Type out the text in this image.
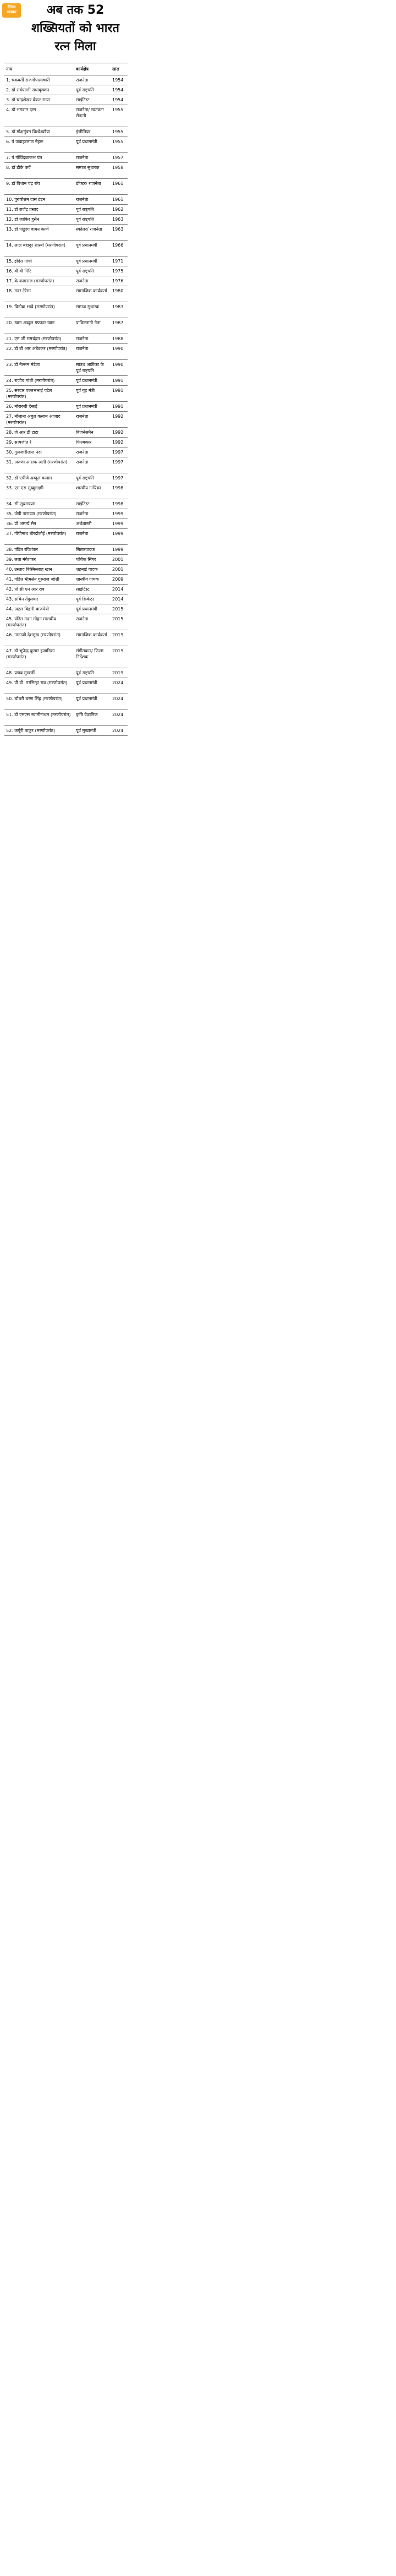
दैनिक
भास्कर	अब तक 52
शख्सियतों को भारत
रत्न मिला
नाम	कार्यक्षेत्र	साल
1. चक्रवर्ती राजगोपालाचारी	राजनेता	1954
2. डॉ सर्वपल्ली राधाकृष्णन	पूर्व राष्ट्रपति	1954
3. डॉ चन्द्रशेखर वेंकट रमण	साइंटिस्ट	1954
4. डॉ भगवान दास	राजनेता/ स्वतंत्रता सेनानी	1955
5. डॉ मोक्षगुंडम विश्वेश्वरैया	इंजीनियर	1955
6. पं जवाहरलाल नेहरू	पूर्व प्रधानमंत्री	1955
7. पं गोविंदबल्लभ पंत	राजनेता	1957
8. डॉ डीके कर्वे	समाज सुधारक	1958
9. डॉ बिधान चंद्र रॉय	डॉक्टर/ राजनेता	1961
10. पुरुषोत्तम दास टंडन	राजनेता	1961
11. डॉ राजेंद्र प्रसाद	पूर्व राष्ट्रपति	1962
12. डॉ जाकिर हुसैन	पूर्व राष्ट्रपति	1963
13. डॉ पांडुरंग वामन काणे	स्कॉलर/ राजनेता	1963
14. लाल बहादुर शास्त्री (मरणोपरांत)	पूर्व प्रधानमंत्री	1966
15. इंदिरा गांधी	पूर्व प्रधानमंत्री	1971
16. वी वी गिरि	पूर्व राष्ट्रपति	1975
17. के कामराज (मरणोपरांत)	राजनेता	1976
18. मदर टेरेसा	सामाजिक कार्यकर्ता	1980
19. विनोबा भावे (मरणोपरांत)	समाज सुधारक	1983
20. खान अब्दुल गफ्फार खान	पाकिस्तानी नेता	1987
21. एम जी रामचंद्रन (मरणोपरांत)	राजनेता	1988
22. डॉ बी आर अंबेडकर (मरणोपरांत)	राजनेता	1990
23. डॉ नेल्सन मंडेला	साउथ अफ्रीका के पूर्व राष्ट्रपति	1990
24. राजीव गांधी (मरणोपरांत)	पूर्व प्रधानमंत्री	1991
25. सरदार वल्लभभाई पटेल (मरणोपरांत)	पूर्व गृह मंत्री	1991
26. मोरारजी देसाई	पूर्व प्रधानमंत्री	1991
27. मौलाना अबुल कलाम आजाद (मरणोपरांत)	राजनेता	1992
28. जे आर डी टाटा	बिजनेसमैन	1992
29. सत्यजीत रे	फिल्मकार	1992
30. गुलजारीलाल नंदा	राजनेता	1997
31. अरुणा आसफ अली (मरणोपरांत)	राजनेता	1997
32. डॉ एपीजे अब्दुल कलाम	पूर्व राष्ट्रपति	1997
33. एम एस सुब्बुलक्ष्मी	शास्त्रीय गायिका	1998
34. सी सुब्रमण्यम	साइंटिस्ट	1998
35. जेपी नारायण (मरणोपरांत)	राजनेता	1999
36. प्रो अमर्त्य सेन	अर्थशास्त्री	1999
37. गोपीनाथ बोरदोलोई (मरणोपरांत)	राजनेता	1999
38. पंडित रविशंकर	सितारवादक	1999
39. लता मंगेशकर	प्लेबैक सिंगर	2001
40. उस्ताद बिस्मिल्लाह खान	शहनाई वादक	2001
41. पंडित भीमसेन गुरुराज जोशी	शास्त्रीय गायक	2009
42. प्रो सी एन आर राव	साइंटिस्ट	2014
43. सचिन तेंदुलकर	पूर्व क्रिकेटर	2014
44. अटल बिहारी वाजपेयी	पूर्व प्रधानमंत्री	2015
45. पंडित मदन मोहन मालवीय (मरणोपरांत)	राजनेता	2015
46. नानाजी देशमुख (मरणोपरांत)	सामाजिक कार्यकर्ता	2019
47. डॉ भूपेन्द्र कुमार हजारिका (मरणोपरांत)	संगीतकार/ फिल्म निर्देशक	2019
48. प्रणब मुखर्जी	पूर्व राष्ट्रपति	2019
49. पी.वी. नरसिम्हा राव (मरणोपरांत)	पूर्व प्रधानमंत्री	2024
50. चौधरी चरण सिंह (मरणोपरांत)	पूर्व प्रधानमंत्री	2024
51. डॉ एमएस स्वामीनाथन (मरणोपरांत)	कृषि वैज्ञानिक	2024
52. कर्पूरी ठाकुर (मरणोपरांत)	पूर्व मुख्यमंत्री	2024
